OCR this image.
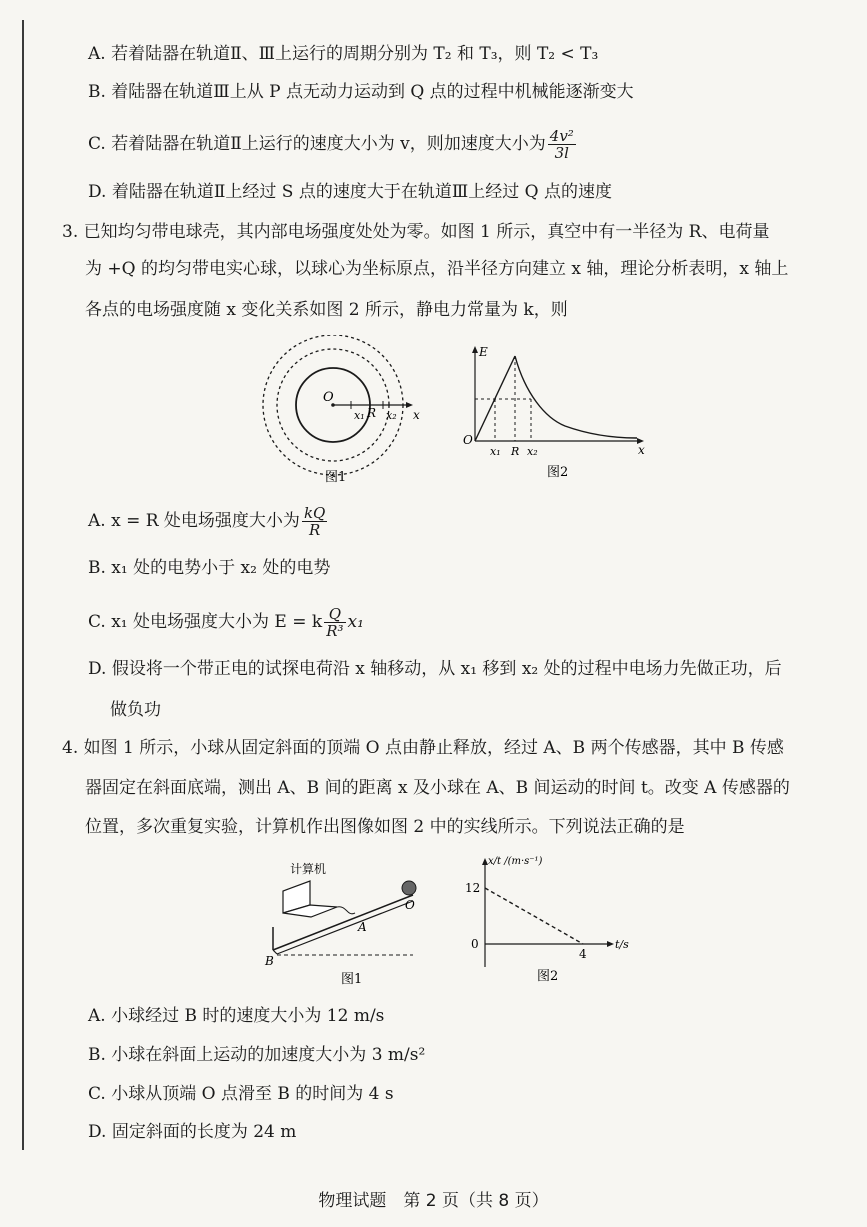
A. 若着陆器在轨道Ⅱ、Ⅲ上运行的周期分别为 T₂ 和 T₃，则 T₂ < T₃
B. 着陆器在轨道Ⅲ上从 P 点无动力运动到 Q 点的过程中机械能逐渐变大
C. 若着陆器在轨道Ⅱ上运行的速度大小为 v，则加速度大小为 $\frac{\text{4v²}}{3l}$
D. 着陆器在轨道Ⅱ上经过 S 点的速度大于在轨道Ⅲ上经过 Q 点的速度
3. 已知均匀带电球壳，其内部电场强度处处为零。如图 1 所示，真空中有一半径为 R、电荷量
为 +Q 的均匀带电实心球，以球心为坐标原点，沿半径方向建立 x 轴，理论分析表明，x 轴上
各点的电场强度随 x 变化关系如图 2 所示，静电力常量为 k，则
O
x₁ R x₂ x
图1
E
O
x₁ R x₂	x
图2
A. x = R 处电场强度大小为 $\frac{kQ}{R}$
B. x₁ 处的电势小于 x₂ 处的电势
C. x₁ 处电场强度大小为 E = k $\frac{Q}{\text{R³}} x_1$
D. 假设将一个带正电的试探电荷沿 x 轴移动，从 x₁ 移到 x₂ 处的过程中电场力先做正功，后
做负功
4. 如图 1 所示，小球从固定斜面的顶端 O 点由静止释放，经过 A、B 两个传感器，其中 B 传感
器固定在斜面底端，测出 A、B 间的距离 x 及小球在 A、B 间运动的时间 t。改变 A 传感器的
位置，多次重复实验，计算机作出图像如图 2 中的实线所示。下列说法正确的是
计算机
O
A
B
图1
x/t /(m·s⁻¹)
12
0
4
t/s
图2
A. 小球经过 B 时的速度大小为 12 m/s
B. 小球在斜面上运动的加速度大小为 3 m/s²
C. 小球从顶端 O 点滑至 B 的时间为 4 s
D. 固定斜面的长度为 24 m
物理试题　第 2 页（共 8 页）
